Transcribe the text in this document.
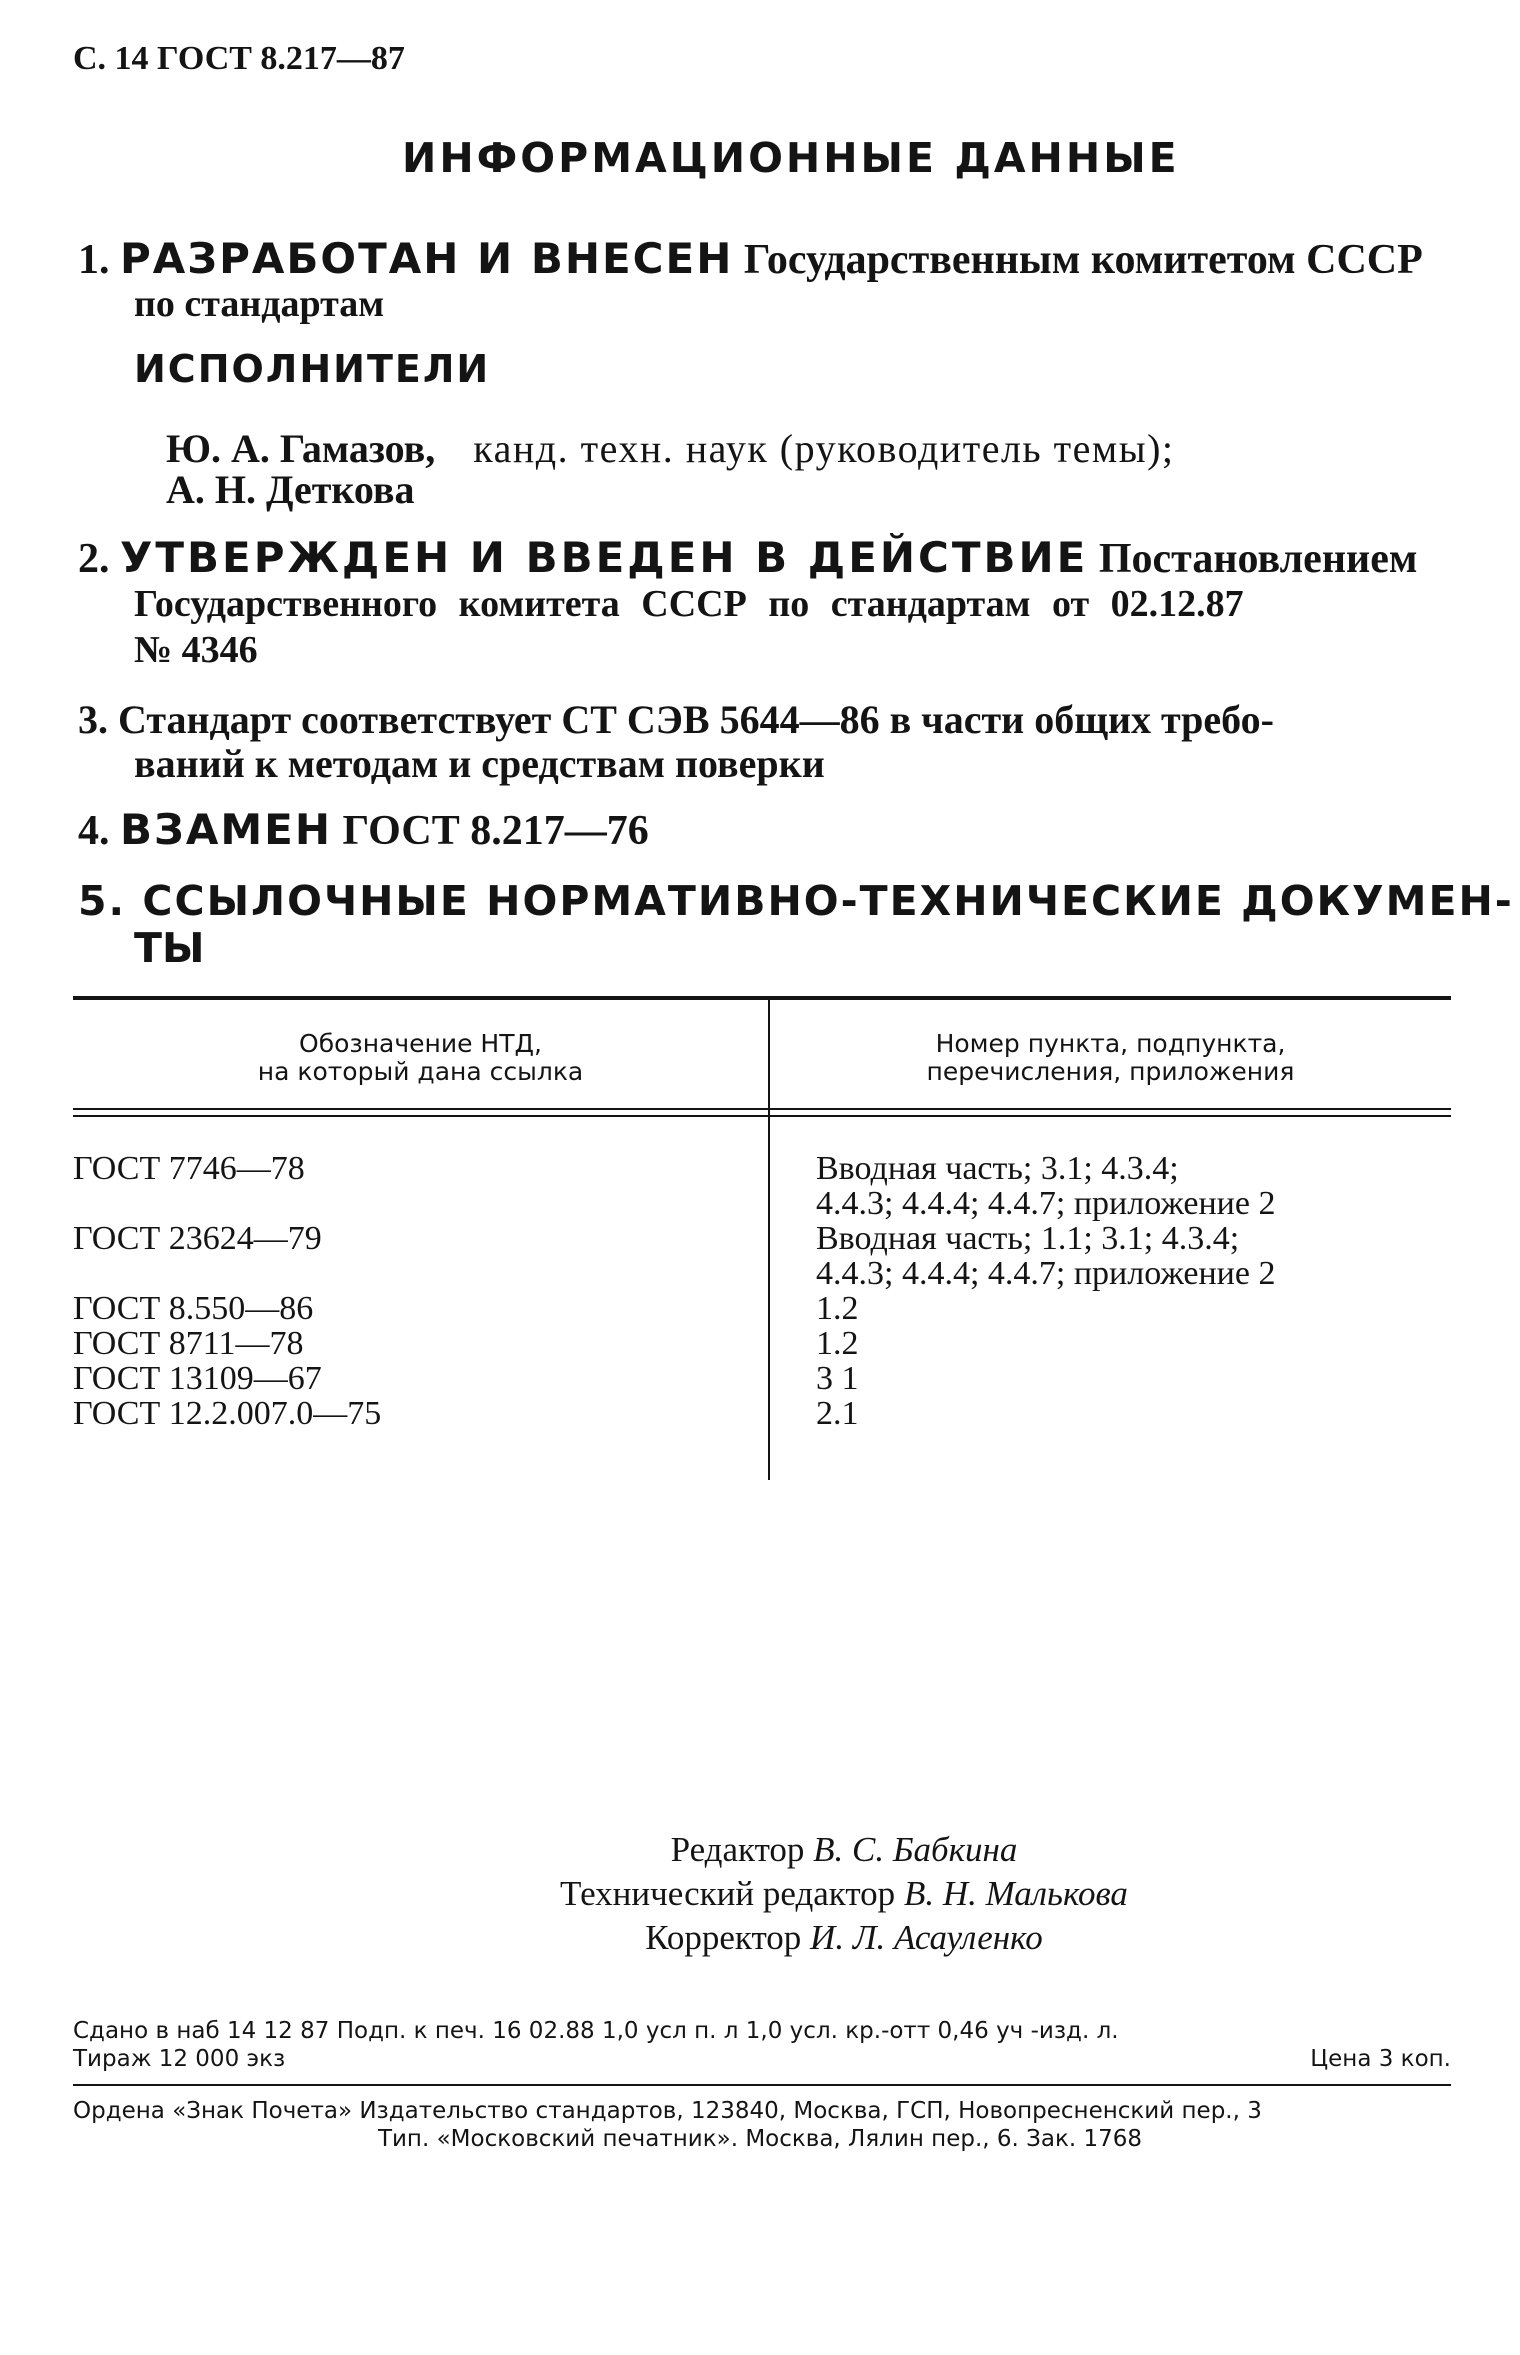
С. 14 ГОСТ 8.217—87
ИНФОРМАЦИОННЫЕ ДАННЫЕ
1. РАЗРАБОТАН И ВНЕСЕН Государственным комитетом СССР
по стандартам
ИСПОЛНИТЕЛИ
Ю. А. Гамазов, канд. техн. наук (руководитель темы);
А. Н. Деткова
2. УТВЕРЖДЕН И ВВЕДЕН В ДЕЙСТВИЕ Постановлением
Государственного комитета СССР по стандартам от 02.12.87
№ 4346
3. Стандарт соответствует СТ СЭВ 5644—86 в части общих требо-
ваний к методам и средствам поверки
4. ВЗАМЕН ГОСТ 8.217—76
5. ССЫЛОЧНЫЕ НОРМАТИВНО-ТЕХНИЧЕСКИЕ ДОКУМЕН-
ТЫ
Обозначение НТД,
на который дана ссылка
Номер пункта, подпункта,
перечисления, приложения
ГОСТ 7746—78
ГОСТ 23624—79
ГОСТ 8.550—86
ГОСТ 8711—78
ГОСТ 13109—67
ГОСТ 12.2.007.0—75
Вводная часть; 3.1; 4.3.4;
4.4.3; 4.4.4; 4.4.7; приложение 2
Вводная часть; 1.1; 3.1; 4.3.4;
4.4.3; 4.4.4; 4.4.7; приложение 2
1.2
1.2
3 1
2.1
Редактор В. С. Бабкина
Технический редактор В. Н. Малькова
Корректор И. Л. Асауленко
Сдано в наб 14 12 87 Подп. к печ. 16 02.88 1,0 усл п. л 1,0 усл. кр.-отт 0,46 уч -изд. л.
Тираж 12 000 экз	Цена 3 коп.
Ордена «Знак Почета» Издательство стандартов, 123840, Москва, ГСП, Новопресненский пер., 3
Тип. «Московский печатник». Москва, Лялин пер., 6. Зак. 1768
